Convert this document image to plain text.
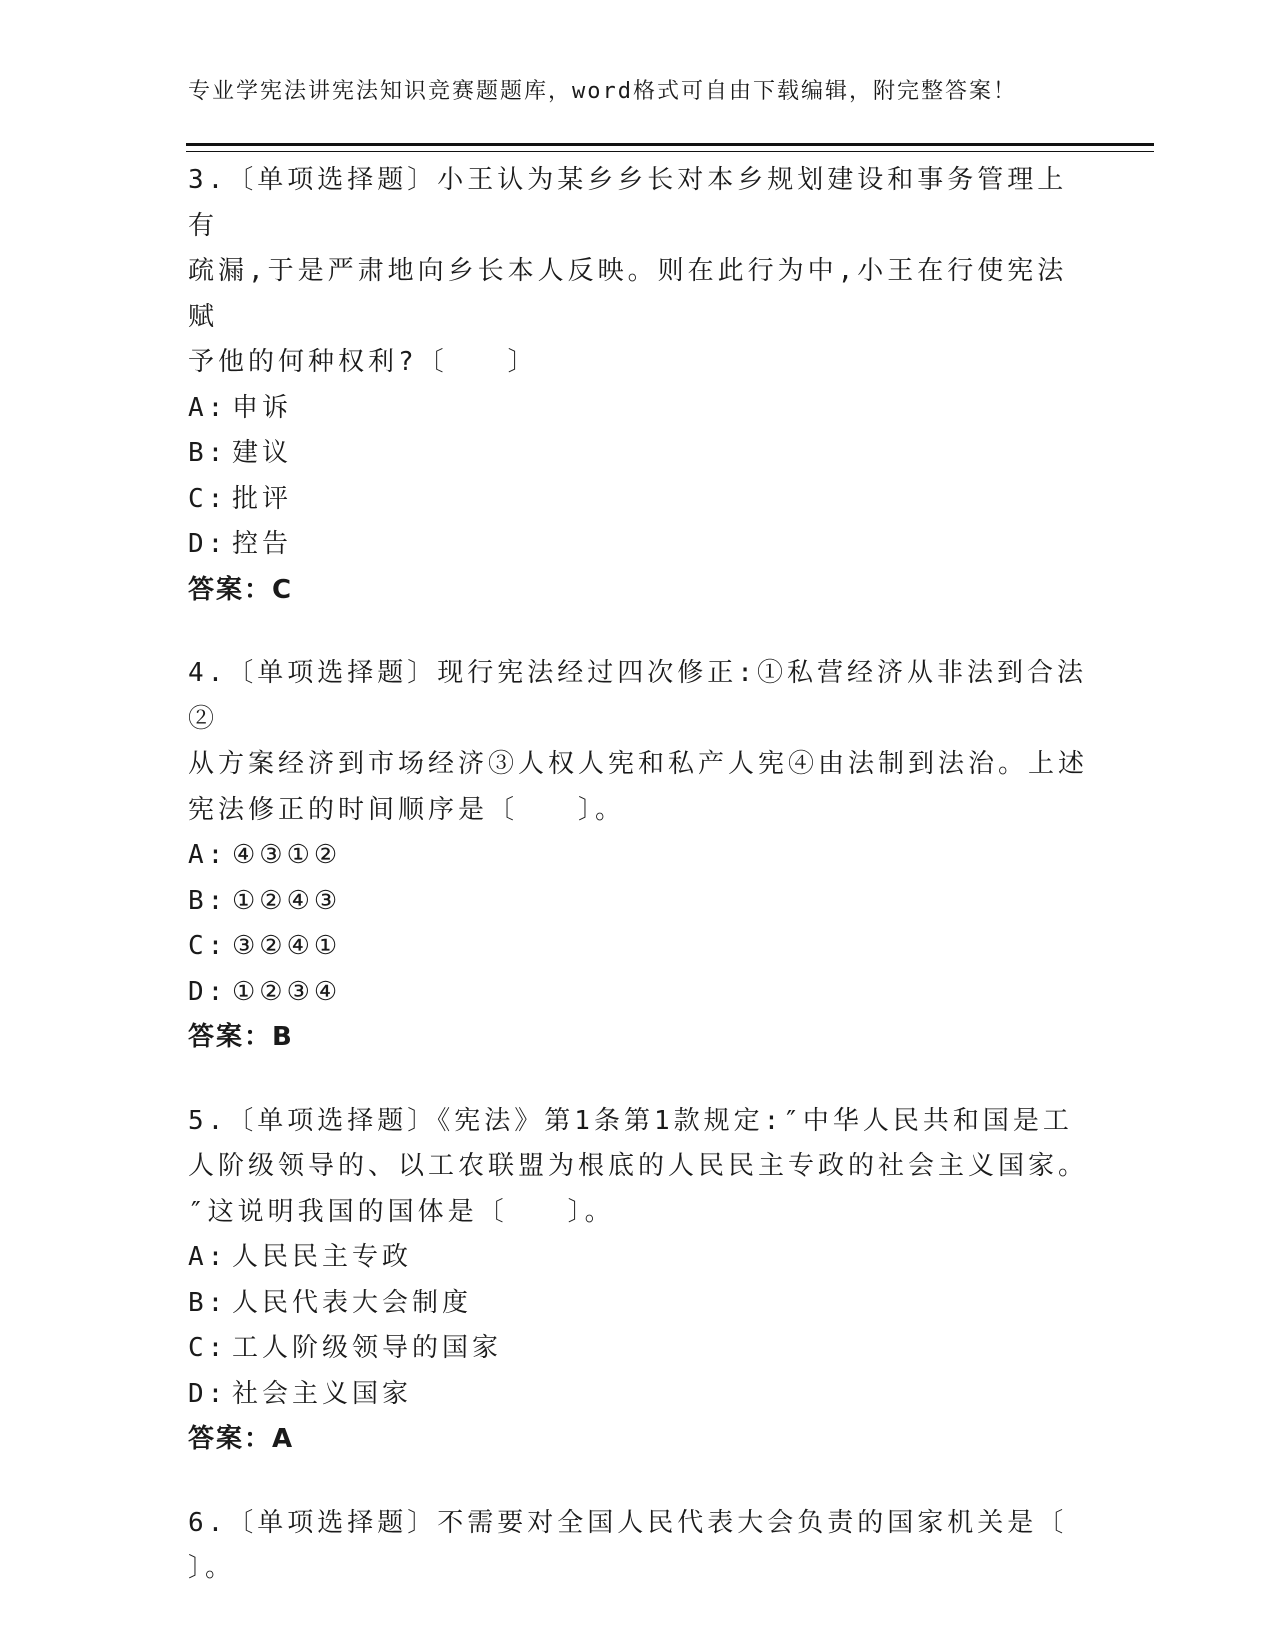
专业学宪法讲宪法知识竞赛题题库，word格式可自由下载编辑，附完整答案！
3.〔单项选择题〕小王认为某乡乡长对本乡规划建设和事务管理上有
疏漏,于是严肃地向乡长本人反映。则在此行为中,小王在行使宪法赋
予他的何种权利?〔　　〕
A: 申诉
B: 建议
C: 批评
D: 控告
答案：C
4.〔单项选择题〕现行宪法经过四次修正:①私营经济从非法到合法②
从方案经济到市场经济③人权人宪和私产人宪④由法制到法治。上述
宪法修正的时间顺序是〔　　〕。
A: ④③①②
B: ①②④③
C: ③②④①
D: ①②③④
答案：B
5.〔单项选择题〕《宪法》第1条第1款规定:″中华人民共和国是工
人阶级领导的、以工农联盟为根底的人民民主专政的社会主义国家。
″这说明我国的国体是〔　　〕。
A: 人民民主专政
B: 人民代表大会制度
C: 工人阶级领导的国家
D: 社会主义国家
答案：A
6.〔单项选择题〕不需要对全国人民代表大会负责的国家机关是〔
〕。
